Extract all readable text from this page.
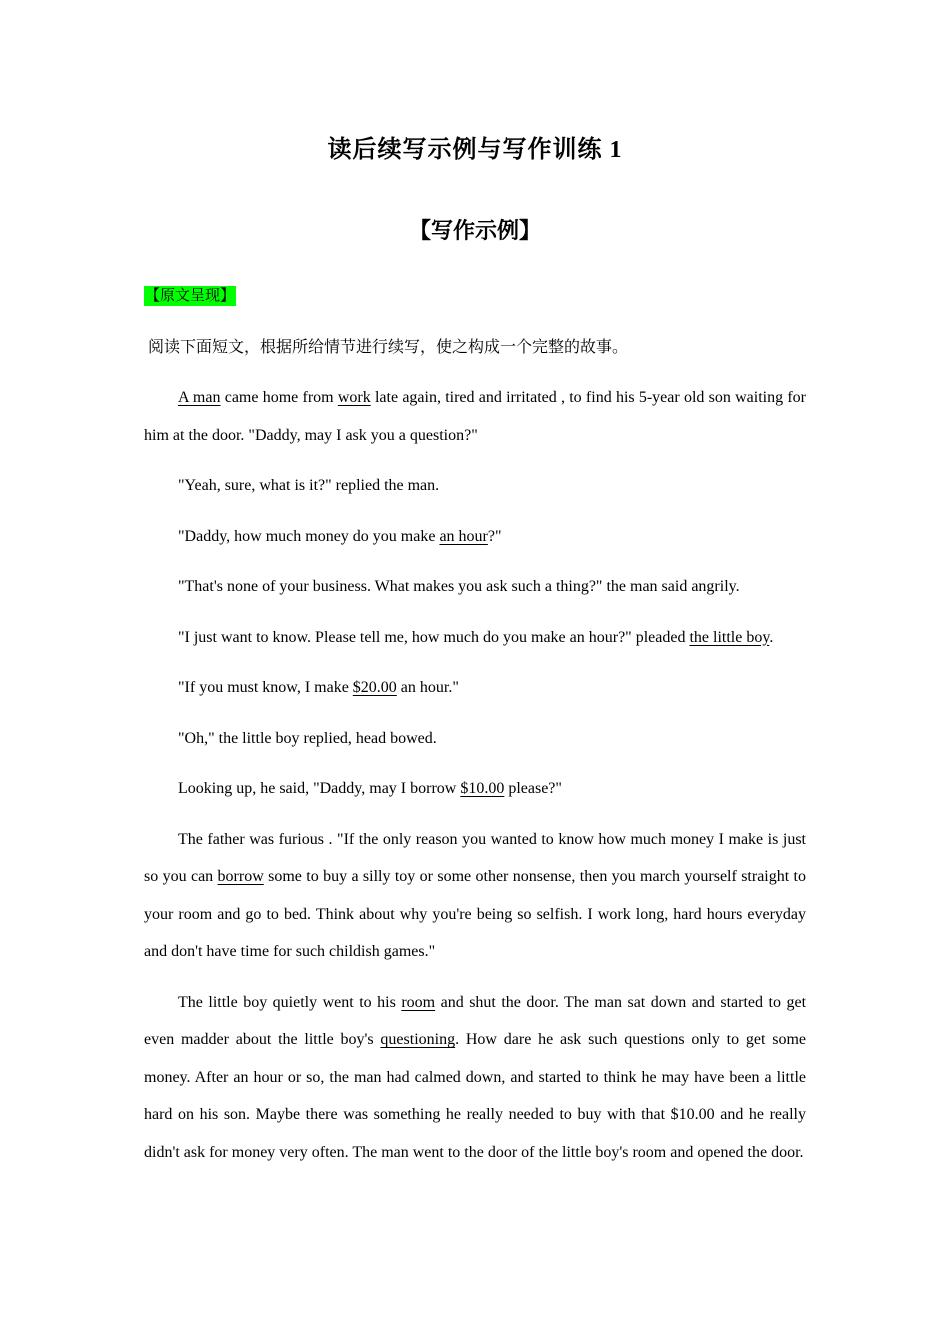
读后续写示例与写作训练 1
【写作示例】
【原文呈现】
阅读下面短文，根据所给情节进行续写，使之构成一个完整的故事。

A man came home from work late again, tired and irritated , to find his 5-year old son waiting for him at the door. "Daddy, may I ask you a question?"

"Yeah, sure, what is it?" replied the man.

"Daddy, how much money do you make an hour?"

"That's none of your business. What makes you ask such a thing?" the man said angrily.

"I just want to know. Please tell me, how much do you make an hour?" pleaded the little boy.

"If you must know, I make $20.00 an hour."

"Oh," the little boy replied, head bowed.

Looking up, he said, "Daddy, may I borrow $10.00 please?"

The father was furious . "If the only reason you wanted to know how much money I make is just so you can borrow some to buy a silly toy or some other nonsense, then you march yourself straight to your room and go to bed. Think about why you're being so selfish. I work long, hard hours everyday and don't have time for such childish games."

The little boy quietly went to his room and shut the door. The man sat down and started to get even madder about the little boy's questioning. How dare he ask such questions only to get some money. After an hour or so, the man had calmed down, and started to think he may have been a little hard on his son. Maybe there was something he really needed to buy with that $10.00 and he really didn't ask for money very often. The man went to the door of the little boy's room and opened the door.
